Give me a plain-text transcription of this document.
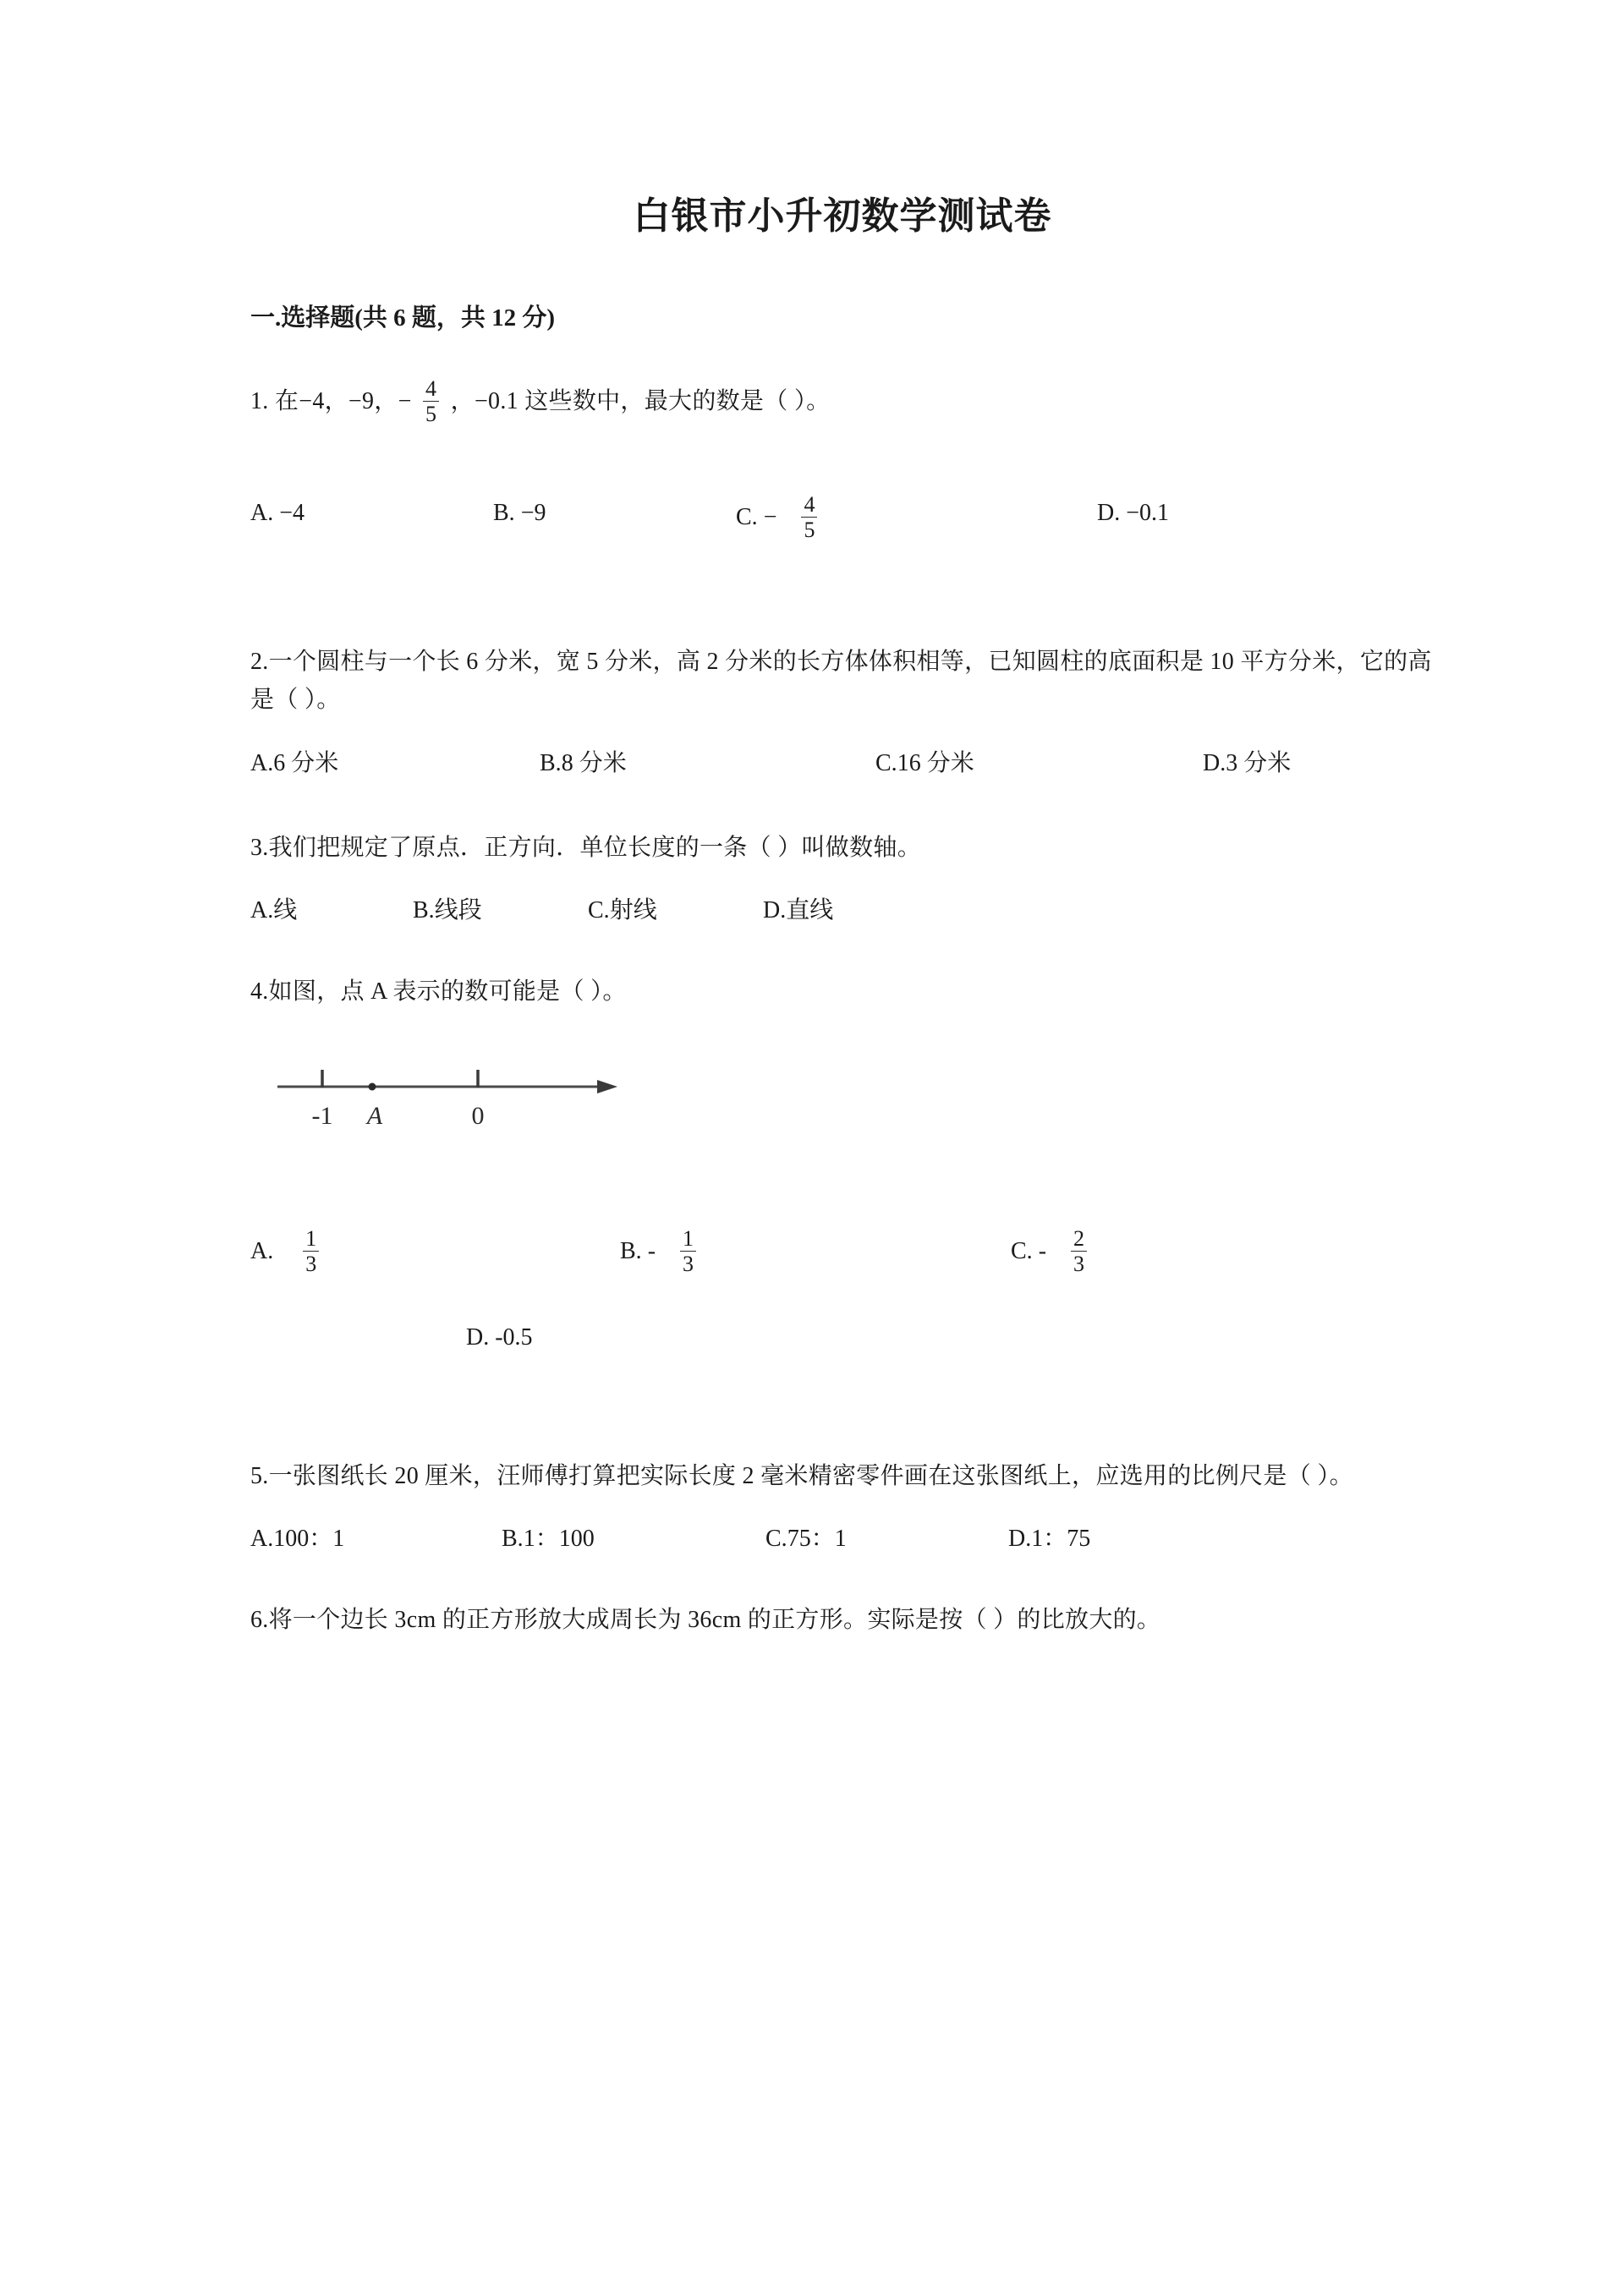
白银市小升初数学测试卷
一.选择题(共 6 题，共 12 分)
1. 在−4，−9，− $\frac{4}{5}$ ，−0.1 这些数中，最大的数是（ ）。
A. −4	B. −9	C. − $\frac{4}{5}$	D. −0.1
2.一个圆柱与一个长 6 分米，宽 5 分米，高 2 分米的长方体体积相等，已知圆柱的底面积是 10 平方分米，它的高是（ ）。
A.6 分米	B.8 分米	C.16 分米	D.3 分米
3.我们把规定了原点．正方向．单位长度的一条（ ）叫做数轴。
A.线	B.线段	C.射线	D.直线
4.如图，点 A 表示的数可能是（ ）。
-1 A	0
A. $\frac{1}{3}$	B. - $\frac{1}{3}$	C. - $\frac{2}{3}$
D. -0.5
5.一张图纸长 20 厘米，汪师傅打算把实际长度 2 毫米精密零件画在这张图纸上，应选用的比例尺是（ ）。
A.100：1	B.1：100	C.75：1	D.1：75
6.将一个边长 3cm 的正方形放大成周长为 36cm 的正方形。实际是按（ ）的比放大的。
